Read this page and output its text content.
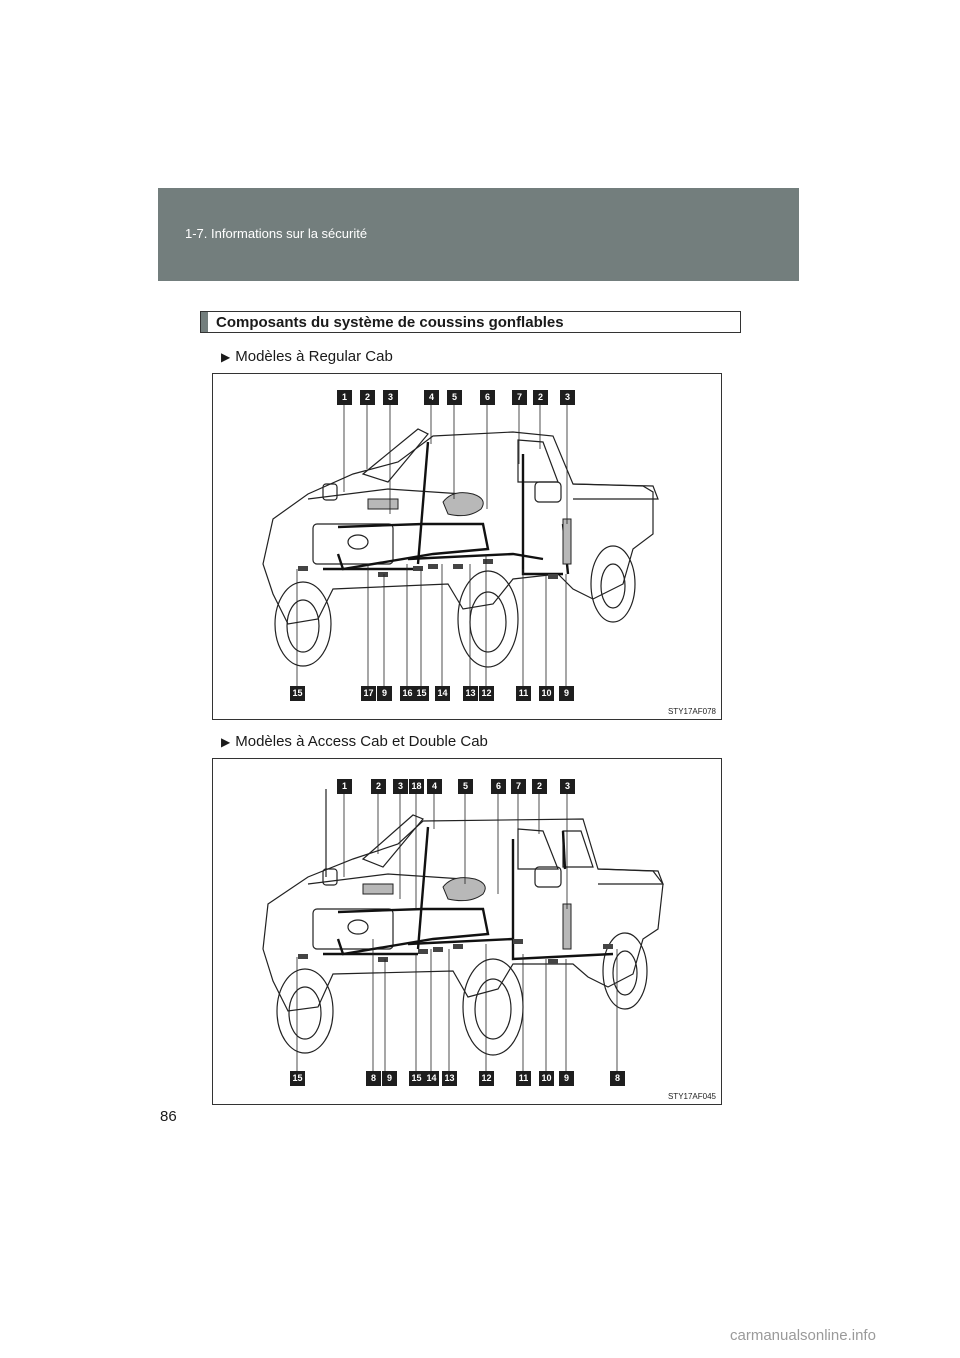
1-7. Informations sur la sécurité
Composants du système de coussins gonflables
▶ Modèles à Regular Cab
1	2	3	4	5	6	7	2	3
15	17 9	16 15 14 13 12	11	10	9
STY17AF078
▶ Modèles à Access Cab et Double Cab
1	2	3 18	4	5	6	7	2	3
15	8	9	15 14 13	12	11	10	9	8
STY17AF045
86
carmanualsonline.info
